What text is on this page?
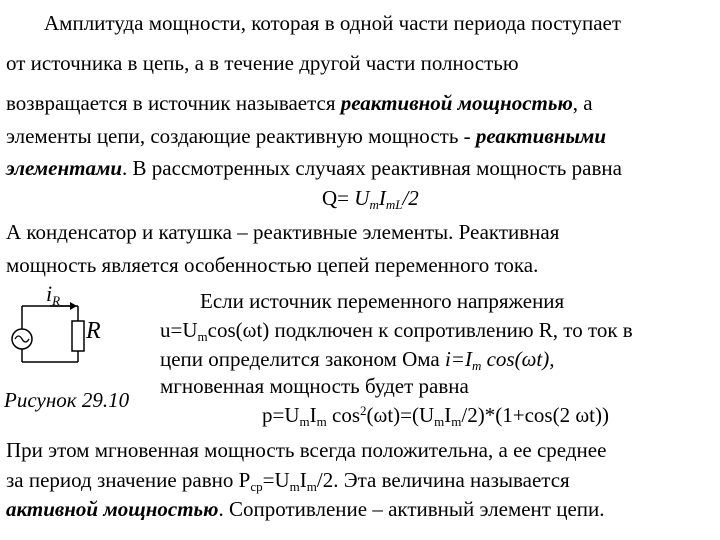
Амплитуда мощности, которая в одной части периода поступает
от источника в цепь, а в течение другой части полностью
возвращается в источник называется реактивной мощностью, а
элементы цепи, создающие реактивную мощность - реактивными
элементами. В рассмотренных случаях реактивная мощность равна
$Q= U_mI_{mL}/2$
А конденсатор и катушка – реактивные элементы. Реактивная
мощность является особенностью цепей переменного тока.
$i_R$
R
Рисунок 29.10
Если источник переменного напряжения
$u=U_m\cos(\omega t)$ подключен к сопротивлению R, то ток в
цепи определится законом Ома $i=I_m$ cos(ωt),
мгновенная мощность будет равна
$p=U_mI_m$ $\cos^2(\omega t)=(U_mI_m/2)*(1+\cos(2$ ωt))
При этом мгновенная мощность всегда положительна, а ее среднее
за период значение равно $P_{ср}=U_mI_m/2$. Эта величина называется
активной мощностью. Сопротивление – активный элемент цепи.
